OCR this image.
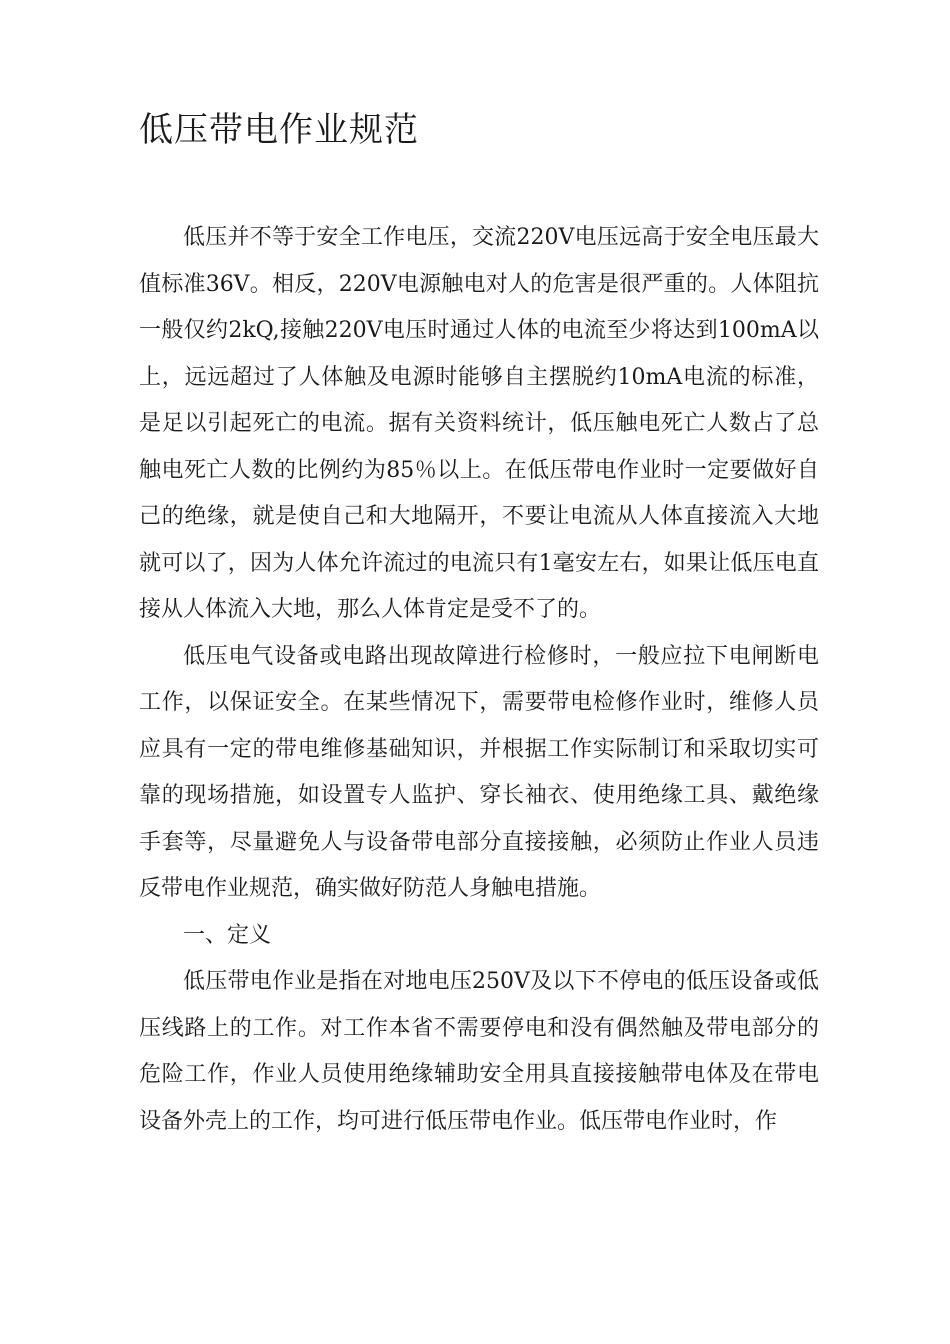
低压带电作业规范

低压并不等于安全工作电压，交流220V电压远高于安全电压最大值标准36V。相反，220V电源触电对人的危害是很严重的。人体阻抗一般仅约2kQ,接触220V电压时通过人体的电流至少将达到100mA以上，远远超过了人体触及电源时能够自主摆脱约10mA电流的标准，是足以引起死亡的电流。据有关资料统计，低压触电死亡人数占了总触电死亡人数的比例约为85％以上。在低压带电作业时一定要做好自己的绝缘，就是使自己和大地隔开，不要让电流从人体直接流入大地就可以了，因为人体允许流过的电流只有1毫安左右，如果让低压电直接从人体流入大地，那么人体肯定是受不了的。

低压电气设备或电路出现故障进行检修时，一般应拉下电闸断电工作，以保证安全。在某些情况下，需要带电检修作业时，维修人员应具有一定的带电维修基础知识，并根据工作实际制订和采取切实可靠的现场措施，如设置专人监护、穿长袖衣、使用绝缘工具、戴绝缘手套等，尽量避免人与设备带电部分直接接触，必须防止作业人员违反带电作业规范，确实做好防范人身触电措施。

一、定义

低压带电作业是指在对地电压250V及以下不停电的低压设备或低压线路上的工作。对工作本省不需要停电和没有偶然触及带电部分的危险工作，作业人员使用绝缘辅助安全用具直接接触带电体及在带电设备外壳上的工作，均可进行低压带电作业。低压带电作业时，作
